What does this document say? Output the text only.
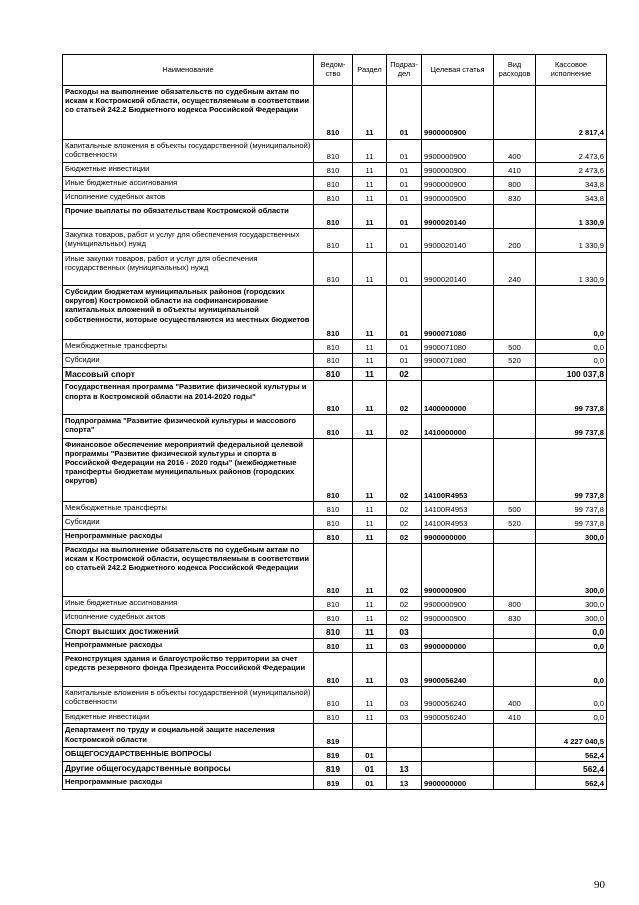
Наименование	Ведом-ство	Раздел	Подраз-дел	Целевая статья	Вид расходов	Кассовое исполнение
Расходы на выполнение обязательств по судебным актам по искам к Костромской области, осуществляемым в соответствии со статьей 242.2 Бюджетного кодекса Российской Федерации	810	11	01	9900000900		2 817,4
Капитальные вложения в объекты государственной (муниципальной) собственности	810	11	01	9900000900	400	2 473,6
Бюджетные инвестиции	810	11	01	9900000900	410	2 473,6
Иные бюджетные ассигнования	810	11	01	9900000900	800	343,8
Исполнение судебных актов	810	11	01	9900000900	830	343,8
Прочие выплаты по обязательствам Костромской области	810	11	01	9900020140		1 330,9
Закупка товаров, работ и услуг для обеспечения государственных (муниципальных) нужд	810	11	01	9900020140	200	1 330,9
Иные закупки товаров, работ и услуг для обеспечения государственных (муниципальных) нужд	810	11	01	9900020140	240	1 330,9
Субсидии бюджетам муниципальных районов (городских округов) Костромской области на софинансирование капитальных вложений в объекты муниципальной собственности, которые осуществляются из местных бюджетов	810	11	01	9900071080		0,0
Межбюджетные трансферты	810	11	01	9900071080	500	0,0
Субсидии	810	11	01	9900071080	520	0,0
Массовый спорт	810	11	02			100 037,8
Государственная программа "Развитие физической культуры и спорта в Костромской области на 2014-2020 годы"	810	11	02	1400000000		99 737,8
Подпрограмма "Развитие физической культуры и массового спорта"	810	11	02	1410000000		99 737,8
Финансовое обеспечение мероприятий федеральной целевой программы "Развитие физической культуры и спорта в Российской Федерации на 2016 - 2020 годы" (межбюджетные трансферты бюджетам муниципальных районов (городских округов)	810	11	02	14100R4953		99 737,8
Межбюджетные трансферты	810	11	02	14100R4953	500	99 737,8
Субсидии	810	11	02	14100R4953	520	99 737,8
Непрограммные расходы	810	11	02	9900000000		300,0
Расходы на выполнение обязательств по судебным актам по искам к Костромской области, осуществляемым в соответствии со статьей 242.2 Бюджетного кодекса Российской Федерации	810	11	02	9900000900		300,0
Иные бюджетные ассигнования	810	11	02	9900000900	800	300,0
Исполнение судебных актов	810	11	02	9900000900	830	300,0
Спорт высших достижений	810	11	03			0,0
Непрограммные расходы	810	11	03	9900000000		0,0
Реконструкция здания и благоустройство территории за счет средств резервного фонда Президента Российской Федерации	810	11	03	9900056240		0,0
Капитальные вложения в объекты государственной (муниципальной) собственности	810	11	03	9900056240	400	0,0
Бюджетные инвестиции	810	11	03	9900056240	410	0,0
Департамент по труду и социальной защите населения Костромской области	819					4 227 040,5
ОБЩЕГОСУДАРСТВЕННЫЕ ВОПРОСЫ	819	01				562,4
Другие общегосударственные вопросы	819	01	13			562,4
Непрограммные расходы	819	01	13	9900000000		562,4
90
